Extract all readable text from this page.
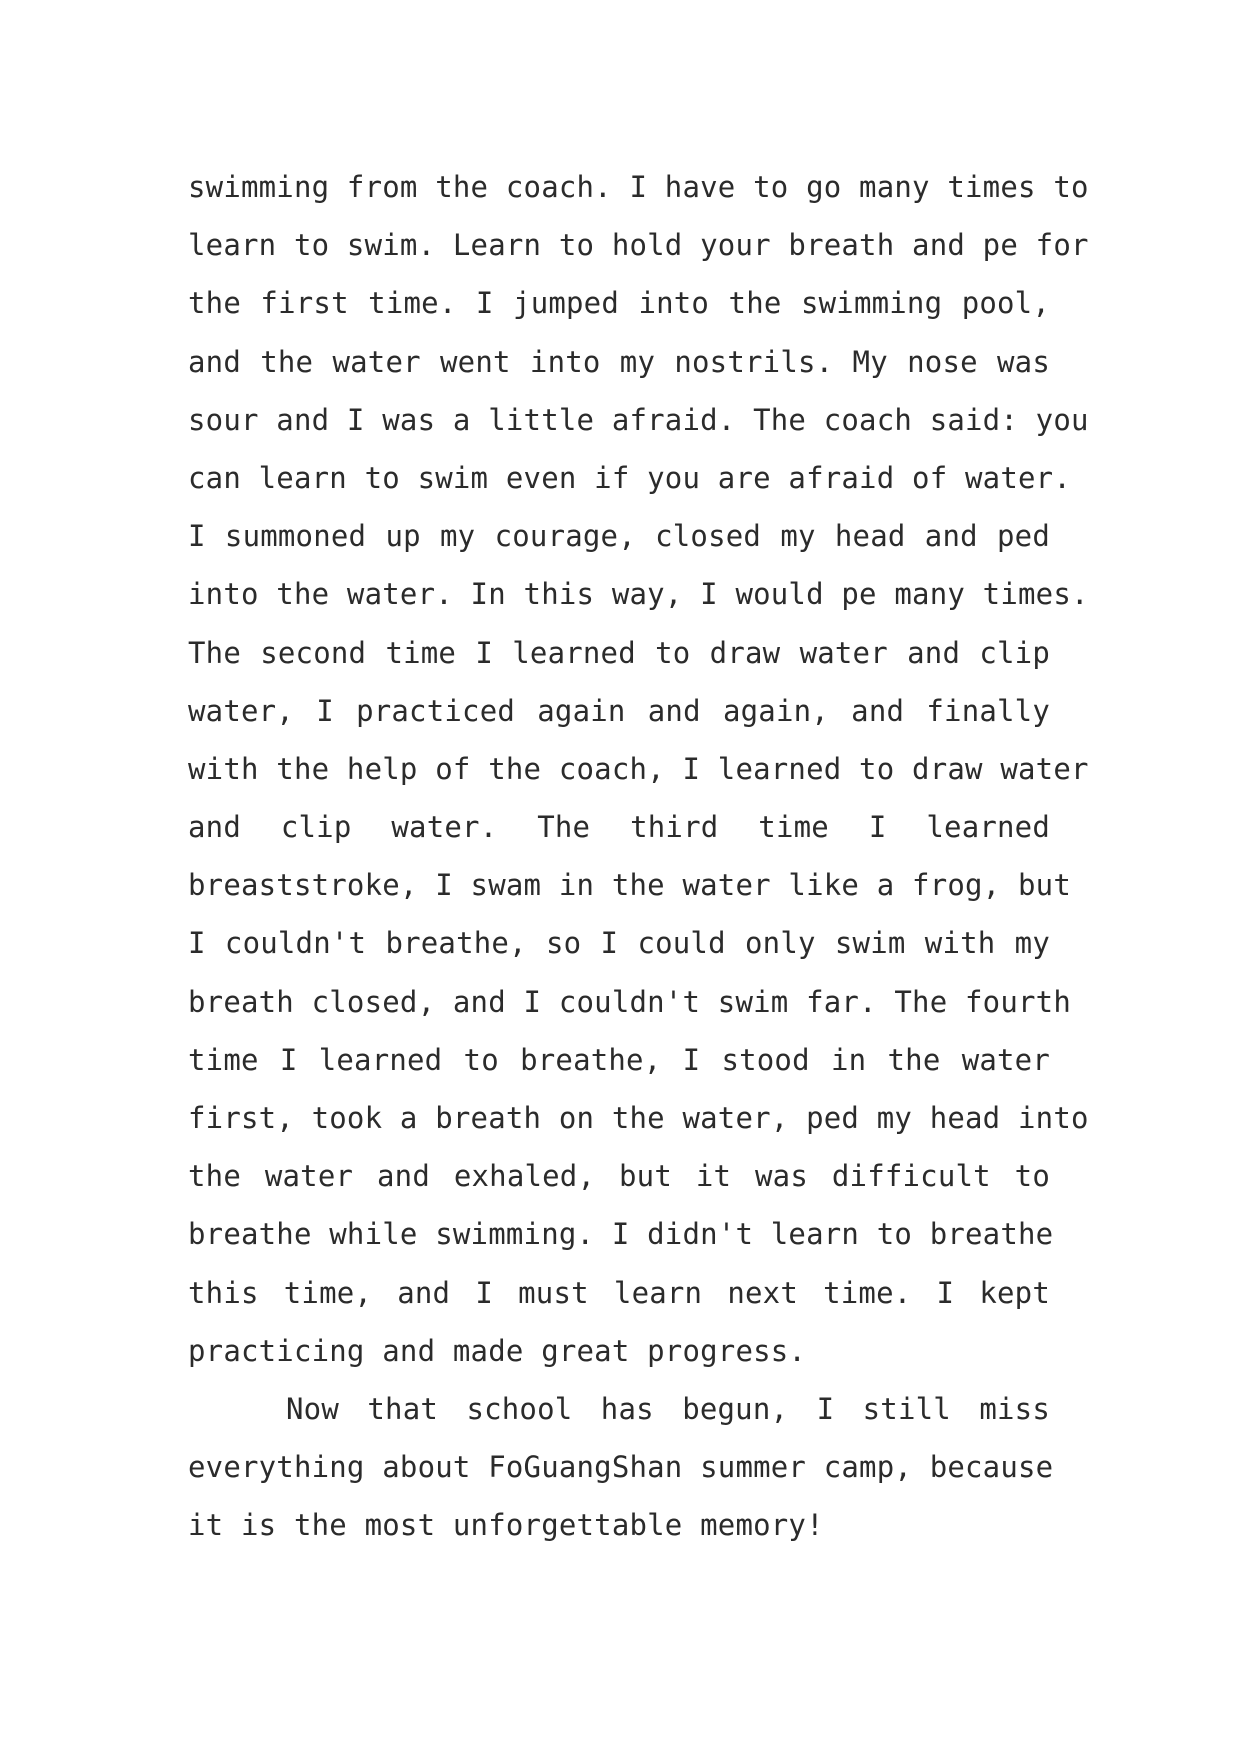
swimming from the coach. I have to go many times to
learn to swim. Learn to hold your breath and pe for
the first time. I jumped into the swimming pool,
and the water went into my nostrils. My nose was
sour and I was a little afraid. The coach said: you
can learn to swim even if you are afraid of water.
I summoned up my courage, closed my head and ped
into the water. In this way, I would pe many times.
The second time I learned to draw water and clip
water, I practiced again and again, and finally
with the help of the coach, I learned to draw water
and clip water. The third time I learned
breaststroke, I swam in the water like a frog, but
I couldn't breathe, so I could only swim with my
breath closed, and I couldn't swim far. The fourth
time I learned to breathe, I stood in the water
first, took a breath on the water, ped my head into
the water and exhaled, but it was difficult to
breathe while swimming. I didn't learn to breathe
this time, and I must learn next time. I kept
practicing and made great progress.
Now that school has begun, I still miss
everything about FoGuangShan summer camp, because
it is the most unforgettable memory!
